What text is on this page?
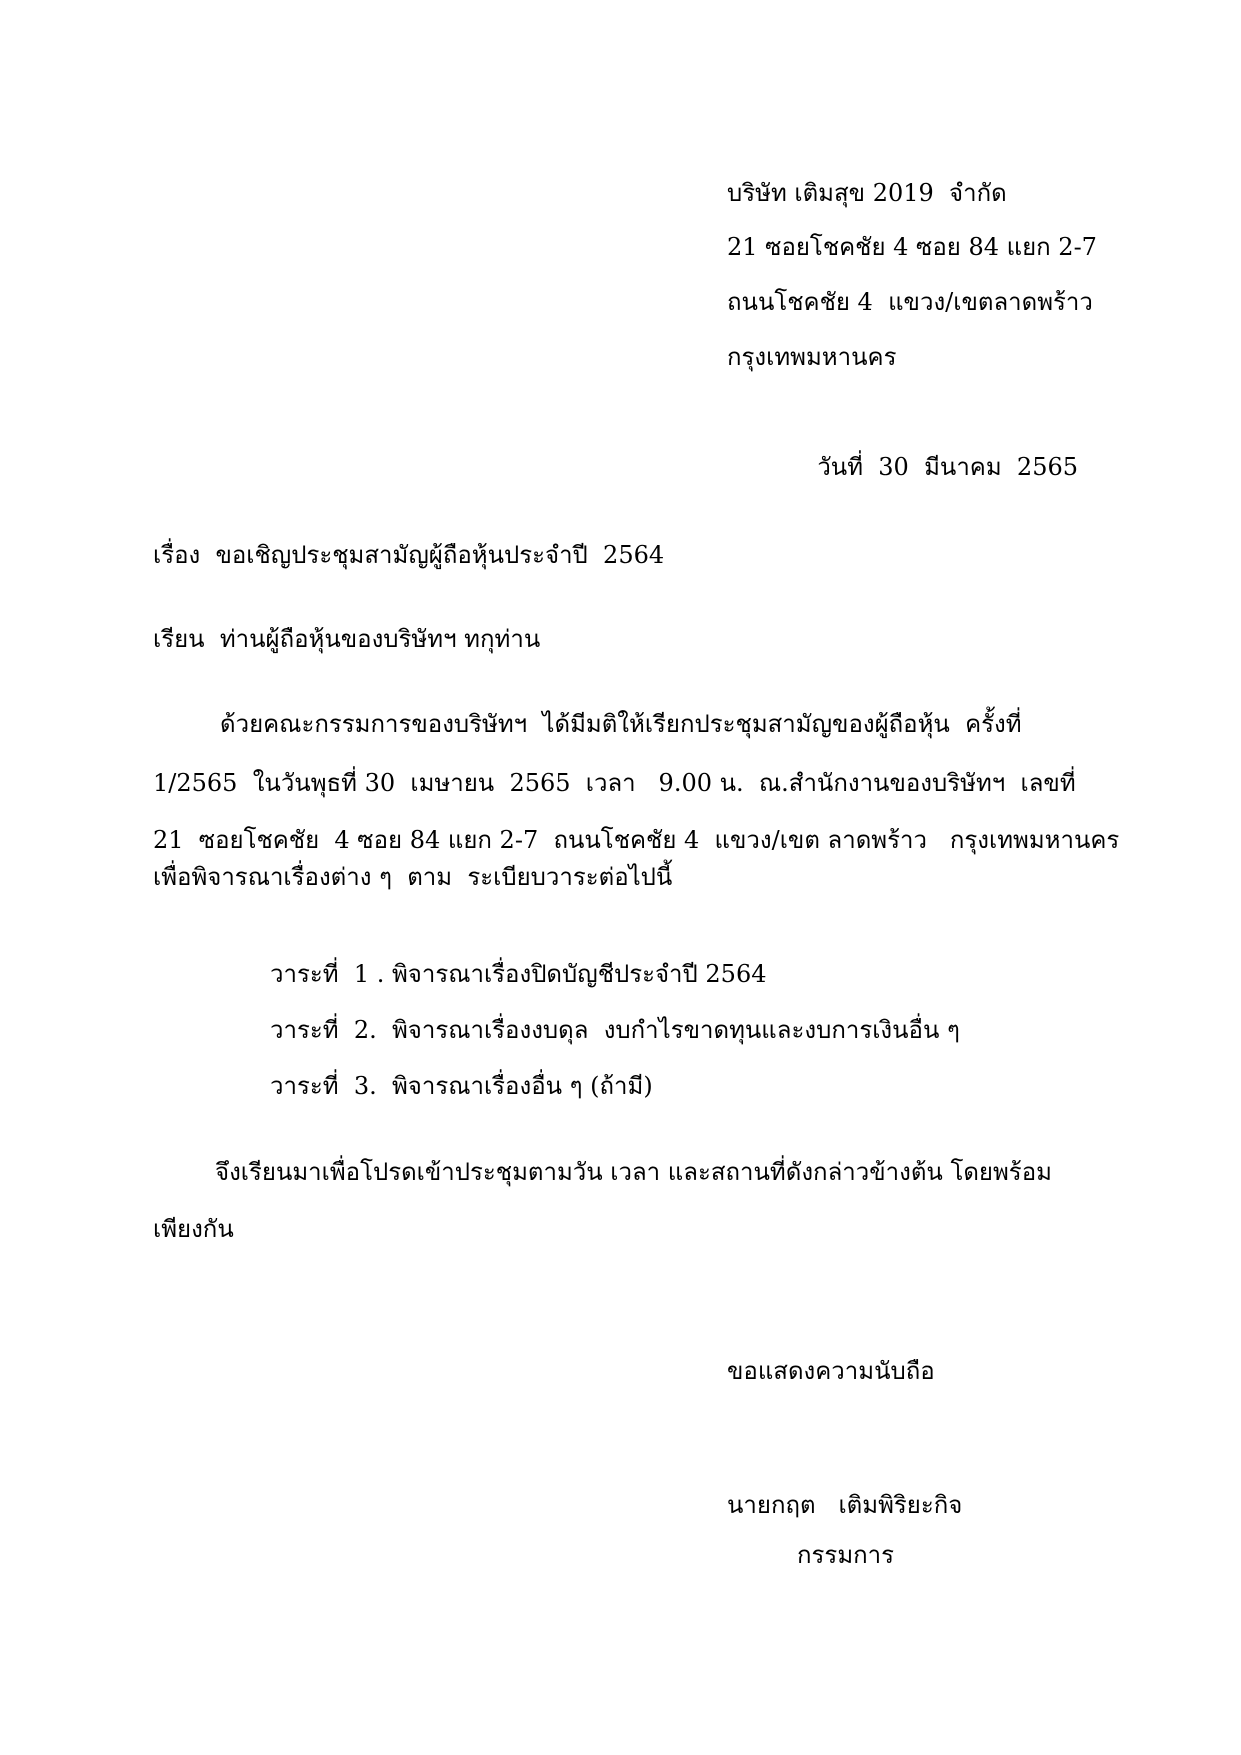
บริษัท เติมสุข 2019  จำกัด

21 ซอยโชคชัย 4 ซอย 84 แยก 2-7

ถนนโชคชัย 4  แขวง/เขตลาดพร้าว

กรุงเทพมหานคร

วันที่  30  มีนาคม  2565

เรื่อง  ขอเชิญประชุมสามัญผู้ถือหุ้นประจำปี  2564

เรียน  ท่านผู้ถือหุ้นของบริษัทฯ ทกุท่าน

ด้วยคณะกรรมการของบริษัทฯ  ได้มีมติให้เรียกประชุมสามัญของผู้ถือหุ้น  ครั้งที่

1/2565  ในวันพุธที่ 30  เมษายน  2565  เวลา   9.00 น.  ณ.สำนักงานของบริษัทฯ  เลขที่

21  ซอยโชคชัย  4 ซอย 84 แยก 2-7  ถนนโชคชัย 4  แขวง/เขต ลาดพร้าว   กรุงเทพมหานคร

เพื่อพิจารณาเรื่องต่าง ๆ  ตาม  ระเบียบวาระต่อไปนี้

วาระที่  1 . พิจารณาเรื่องปิดบัญชีประจำปี 2564

วาระที่  2.  พิจารณาเรื่องงบดุล  งบกำไรขาดทุนและงบการเงินอื่น ๆ

วาระที่  3.  พิจารณาเรื่องอื่น ๆ (ถ้ามี)

จึงเรียนมาเพื่อโปรดเข้าประชุมตามวัน เวลา และสถานที่ดังกล่าวข้างต้น โดยพร้อม

เพียงกัน

ขอแสดงความนับถือ

นายกฤต   เติมพิริยะกิจ

กรรมการ
